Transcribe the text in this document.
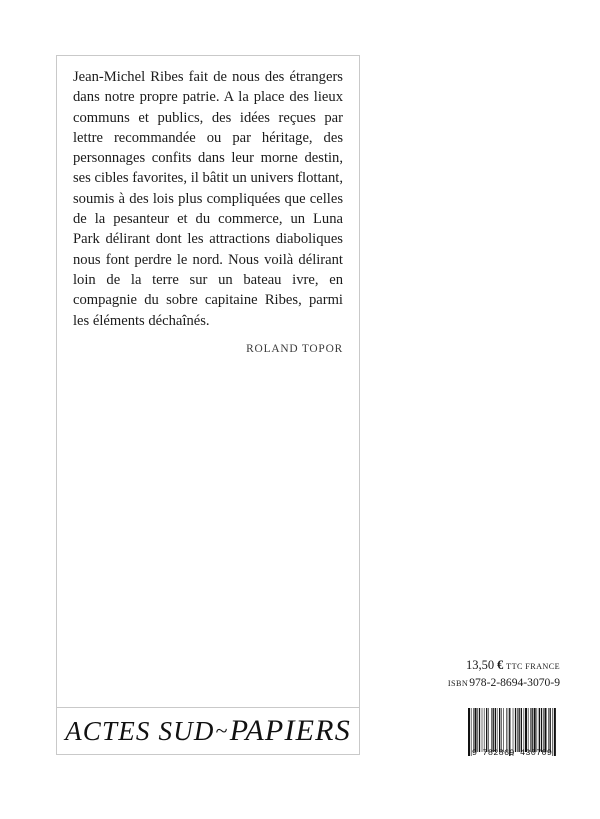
Jean-Michel Ribes fait de nous des étrangers dans notre propre patrie. A la place des lieux communs et publics, des idées reçues par lettre recommandée ou par héritage, des personnages confits dans leur morne destin, ses cibles favorites, il bâtit un univers flottant, soumis à des lois plus compliquées que celles de la pesanteur et du commerce, un Luna Park délirant dont les attractions diaboliques nous font perdre le nord. Nous voilà délirant loin de la terre sur un bateau ivre, en compagnie du sobre capitaine Ribes, parmi les éléments déchaînés.

ROLAND TOPOR

ACTES SUD~PAPIERS
13,50 € TTC FRANCE
ISBN978-2-8694-3070-9
9 782869 430709
